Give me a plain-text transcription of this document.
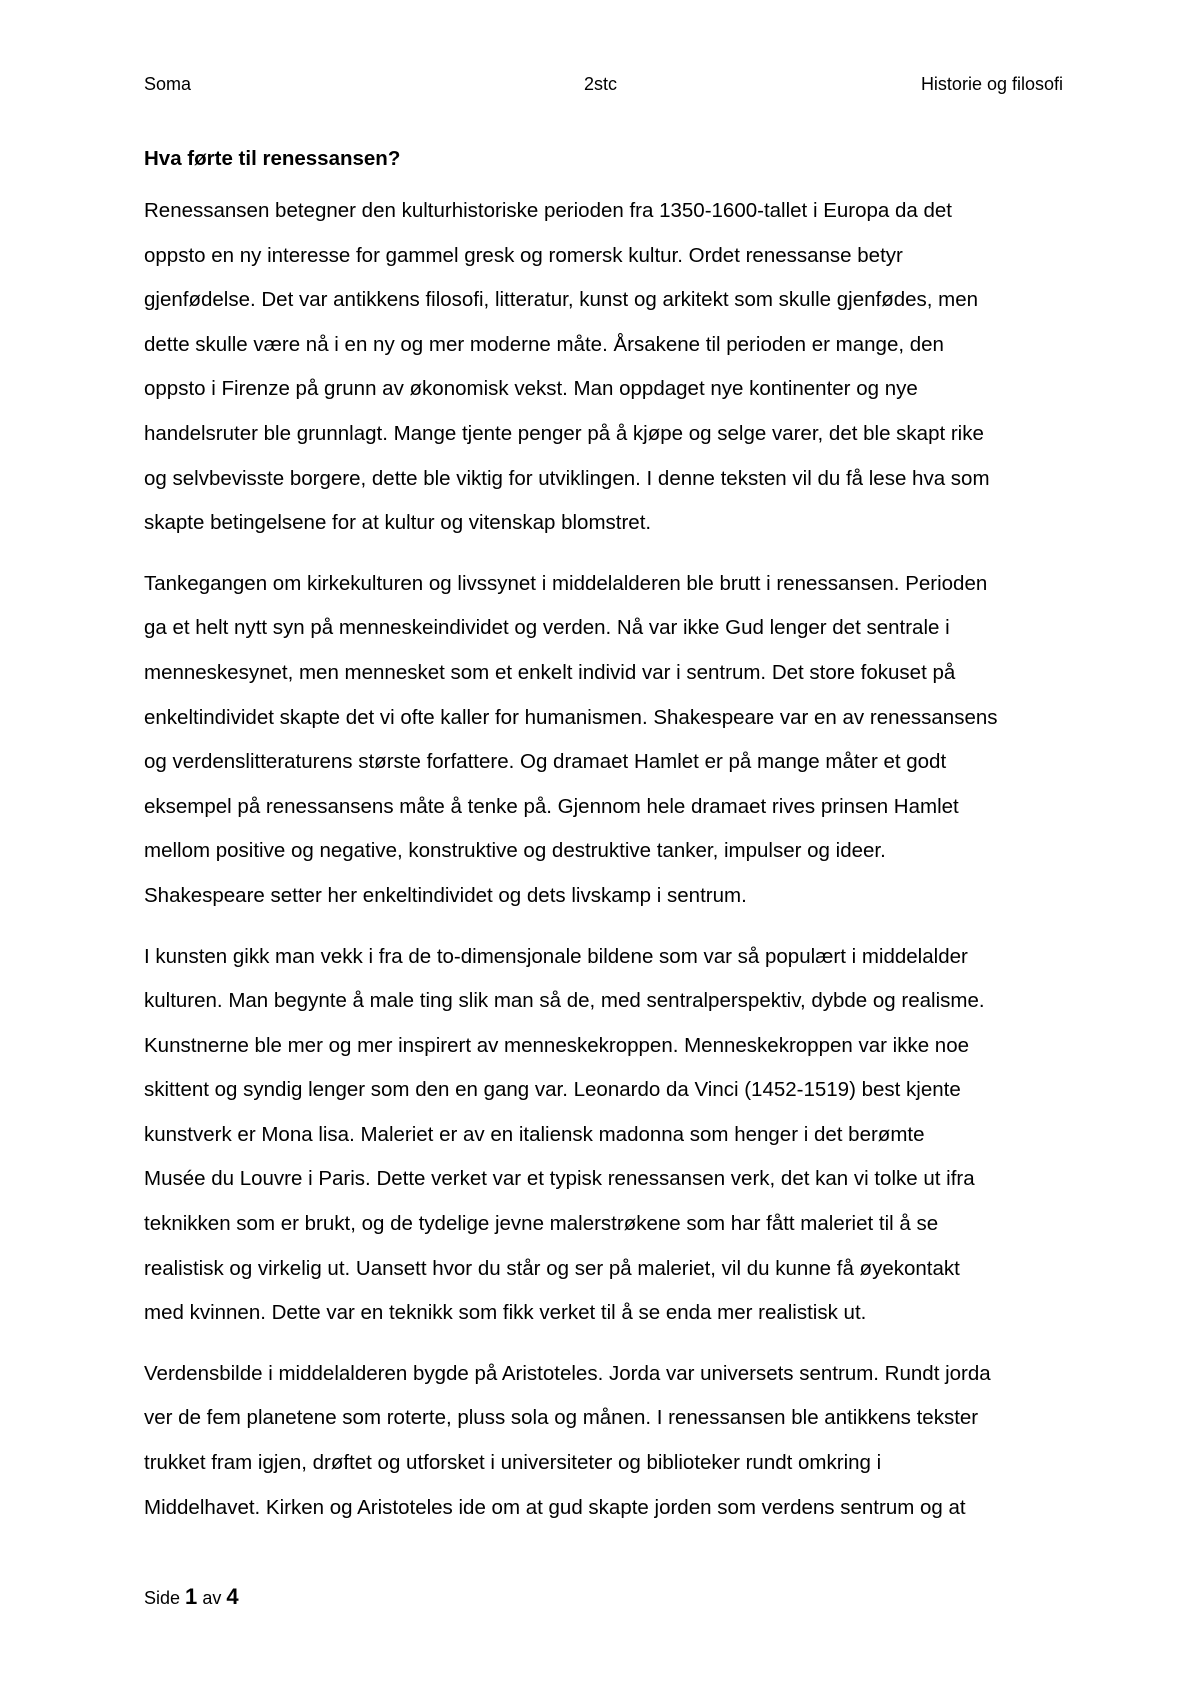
Soma	2stc	Historie og filosofi
Hva førte til renessansen?
Renessansen betegner den kulturhistoriske perioden fra 1350-1600-tallet i Europa da det
oppsto en ny interesse for gammel gresk og romersk kultur. Ordet renessanse betyr
gjenfødelse. Det var antikkens filosofi, litteratur, kunst og arkitekt som skulle gjenfødes, men
dette skulle være nå i en ny og mer moderne måte. Årsakene til perioden er mange, den
oppsto i Firenze på grunn av økonomisk vekst. Man oppdaget nye kontinenter og nye
handelsruter ble grunnlagt. Mange tjente penger på å kjøpe og selge varer, det ble skapt rike
og selvbevisste borgere, dette ble viktig for utviklingen. I denne teksten vil du få lese hva som
skapte betingelsene for at kultur og vitenskap blomstret.
Tankegangen om kirkekulturen og livssynet i middelalderen ble brutt i renessansen. Perioden
ga et helt nytt syn på menneskeindividet og verden. Nå var ikke Gud lenger det sentrale i
menneskesynet, men mennesket som et enkelt individ var i sentrum. Det store fokuset på
enkeltindividet skapte det vi ofte kaller for humanismen. Shakespeare var en av renessansens
og verdenslitteraturens største forfattere. Og dramaet Hamlet er på mange måter et godt
eksempel på renessansens måte å tenke på. Gjennom hele dramaet rives prinsen Hamlet
mellom positive og negative, konstruktive og destruktive tanker, impulser og ideer.
Shakespeare setter her enkeltindividet og dets livskamp i sentrum.
I kunsten gikk man vekk i fra de to-dimensjonale bildene som var så populært i middelalder
kulturen. Man begynte å male ting slik man så de, med sentralperspektiv, dybde og realisme.
Kunstnerne ble mer og mer inspirert av menneskekroppen. Menneskekroppen var ikke noe
skittent og syndig lenger som den en gang var. Leonardo da Vinci (1452-1519) best kjente
kunstverk er Mona lisa. Maleriet er av en italiensk madonna som henger i det berømte
Musée du Louvre i Paris. Dette verket var et typisk renessansen verk, det kan vi tolke ut ifra
teknikken som er brukt, og de tydelige jevne malerstrøkene som har fått maleriet til å se
realistisk og virkelig ut. Uansett hvor du står og ser på maleriet, vil du kunne få øyekontakt
med kvinnen. Dette var en teknikk som fikk verket til å se enda mer realistisk ut.
Verdensbilde i middelalderen bygde på Aristoteles. Jorda var universets sentrum. Rundt jorda
ver de fem planetene som roterte, pluss sola og månen. I renessansen ble antikkens tekster
trukket fram igjen, drøftet og utforsket i universiteter og biblioteker rundt omkring i
Middelhavet. Kirken og Aristoteles ide om at gud skapte jorden som verdens sentrum og at
Side 1 av 4
